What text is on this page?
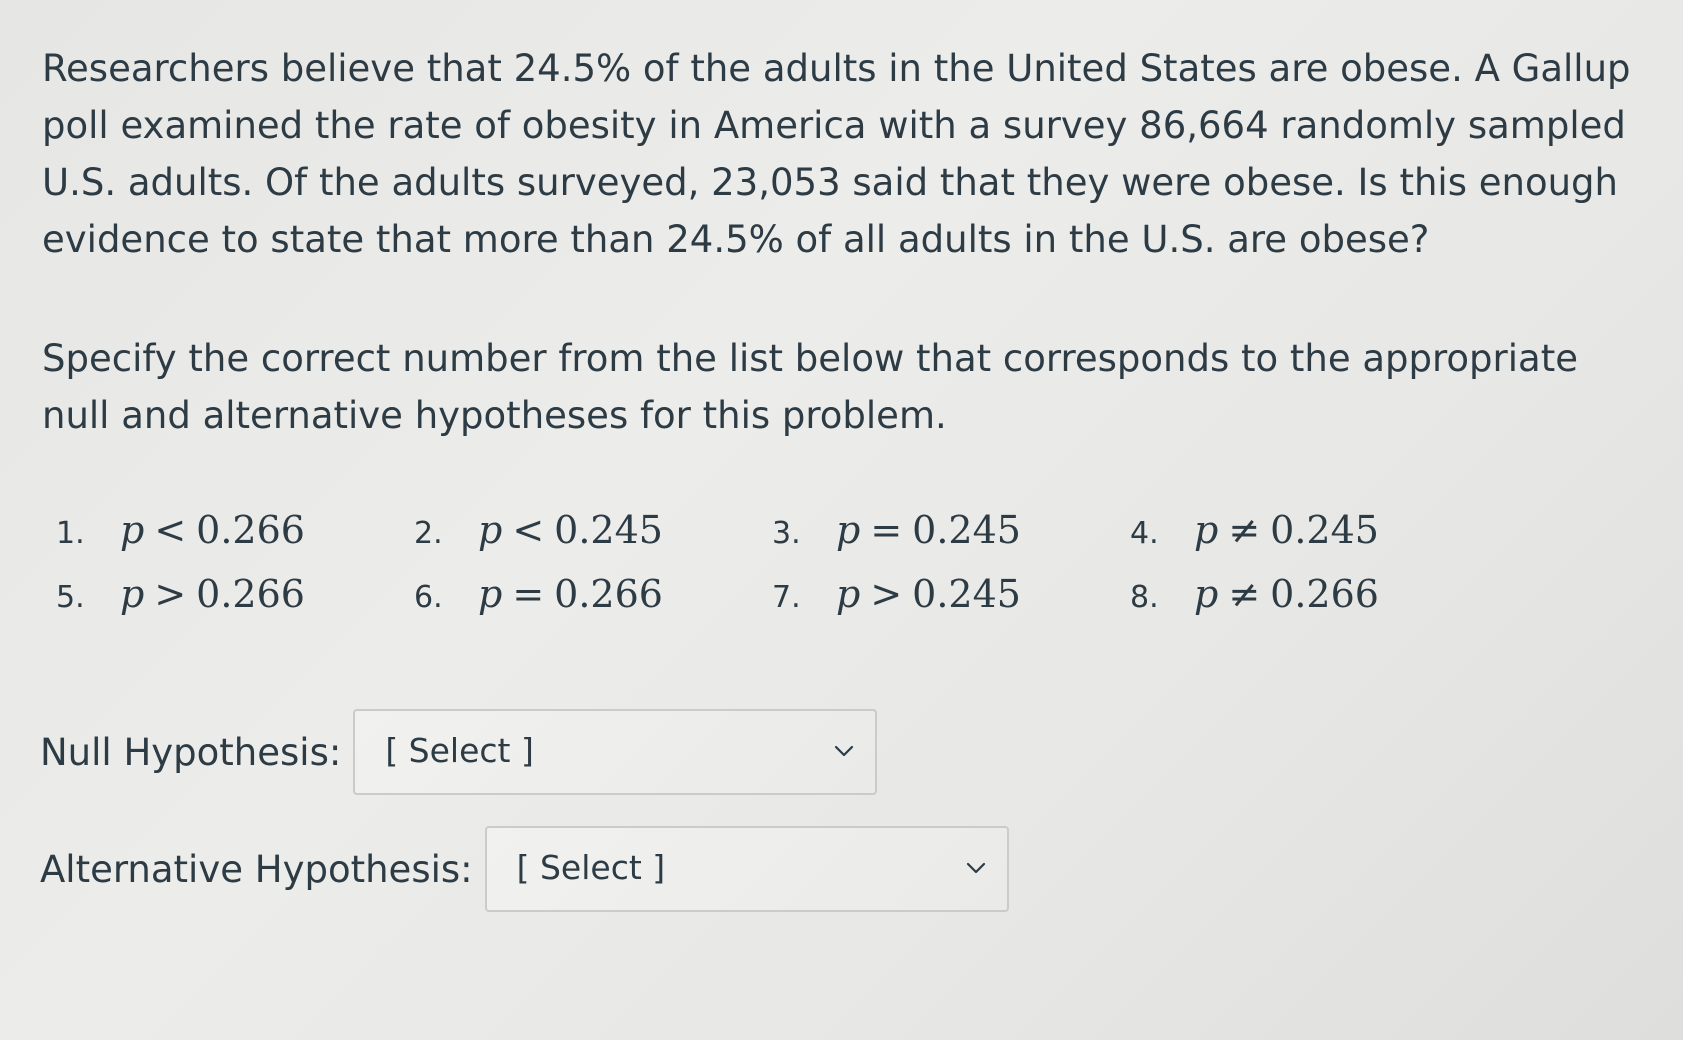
Researchers believe that 24.5% of the adults in the United States are obese. A Gallup poll examined the rate of obesity in America with a survey 86,664 randomly sampled U.S. adults. Of the adults surveyed, 23,053 said that they were obese. Is this enough evidence to state that more than 24.5% of all adults in the U.S. are obese?

Specify the correct number from the list below that corresponds to the appropriate null and alternative hypotheses for this problem.

1. p < 0.266	2. p < 0.245	3. p = 0.245	4. p ≠ 0.245
5. p > 0.266	6. p = 0.266	7. p > 0.245	8. p ≠ 0.266
Null Hypothesis: [ Select ]
Alternative Hypothesis: [ Select ]
